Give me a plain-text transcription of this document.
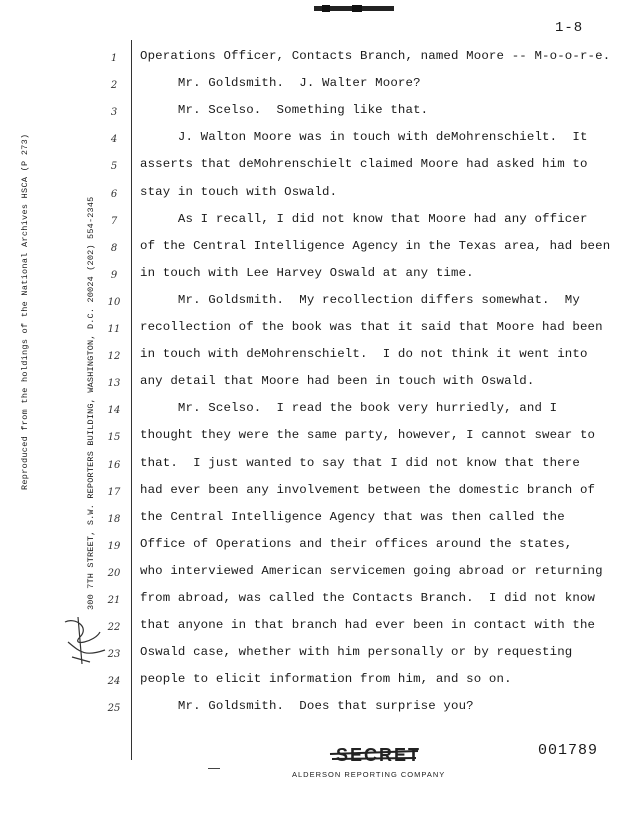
1-8
Reproduced from the holdings of the National Archives HSCA (P 273)	300 7TH STREET, S.W. REPORTERS BUILDING, WASHINGTON, D.C. 20024 (202) 554-2345
1	Operations Officer, Contacts Branch, named Moore -- M-o-o-r-e.
2	Mr. Goldsmith.  J. Walter Moore?
3	Mr. Scelso.  Something like that.
4	J. Walton Moore was in touch with deMohrenschielt.  It
5	asserts that deMohrenschielt claimed Moore had asked him to
6	stay in touch with Oswald.
7	As I recall, I did not know that Moore had any officer
8	of the Central Intelligence Agency in the Texas area, had been
9	in touch with Lee Harvey Oswald at any time.
10 Mr. Goldsmith.  My recollection differs somewhat.  My
11 recollection of the book was that it said that Moore had been
12 in touch with deMohrenschielt.  I do not think it went into
13 any detail that Moore had been in touch with Oswald.
14 Mr. Scelso.  I read the book very hurriedly, and I
15 thought they were the same party, however, I cannot swear to
16 that.  I just wanted to say that I did not know that there
17 had ever been any involvement between the domestic branch of
18 the Central Intelligence Agency that was then called the
19 Office of Operations and their offices around the states,
20 who interviewed American servicemen going abroad or returning
21 from abroad, was called the Contacts Branch.  I did not know
22 that anyone in that branch had ever been in contact with the
23 Oswald case, whether with him personally or by requesting
24 people to elicit information from him, and so on.
25 Mr. Goldsmith.  Does that surprise you?
SECRET	001789
ALDERSON REPORTING COMPANY
